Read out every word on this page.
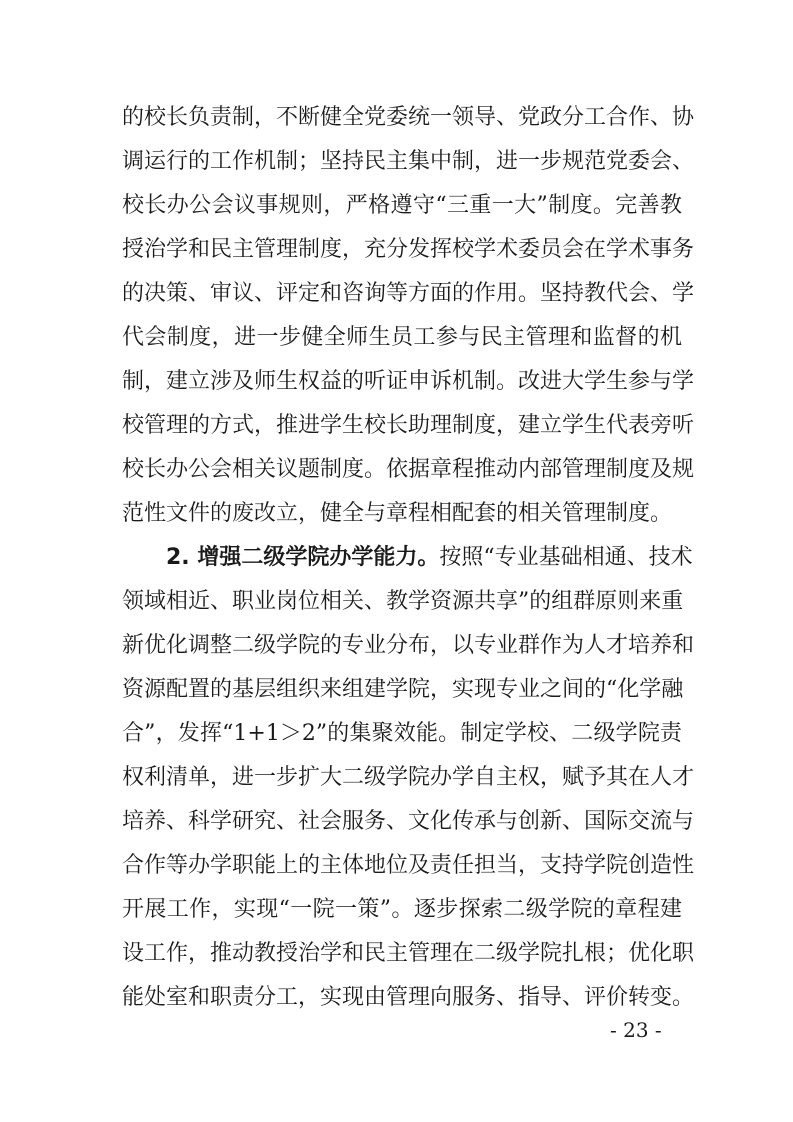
的校长负责制，不断健全党委统一领导、党政分工合作、协
调运行的工作机制；坚持民主集中制，进一步规范党委会、
校长办公会议事规则，严格遵守“三重一大”制度。完善教
授治学和民主管理制度，充分发挥校学术委员会在学术事务
的决策、审议、评定和咨询等方面的作用。坚持教代会、学
代会制度，进一步健全师生员工参与民主管理和监督的机
制，建立涉及师生权益的听证申诉机制。改进大学生参与学
校管理的方式，推进学生校长助理制度，建立学生代表旁听
校长办公会相关议题制度。依据章程推动内部管理制度及规
范性文件的废改立，健全与章程相配套的相关管理制度。
2. 增强二级学院办学能力。按照“专业基础相通、技术
领域相近、职业岗位相关、教学资源共享”的组群原则来重
新优化调整二级学院的专业分布，以专业群作为人才培养和
资源配置的基层组织来组建学院，实现专业之间的“化学融
合”，发挥“1+1＞2”的集聚效能。制定学校、二级学院责
权利清单，进一步扩大二级学院办学自主权，赋予其在人才
培养、科学研究、社会服务、文化传承与创新、国际交流与
合作等办学职能上的主体地位及责任担当，支持学院创造性
开展工作，实现“一院一策”。逐步探索二级学院的章程建
设工作，推动教授治学和民主管理在二级学院扎根；优化职
能处室和职责分工，实现由管理向服务、指导、评价转变。
- 23 -
